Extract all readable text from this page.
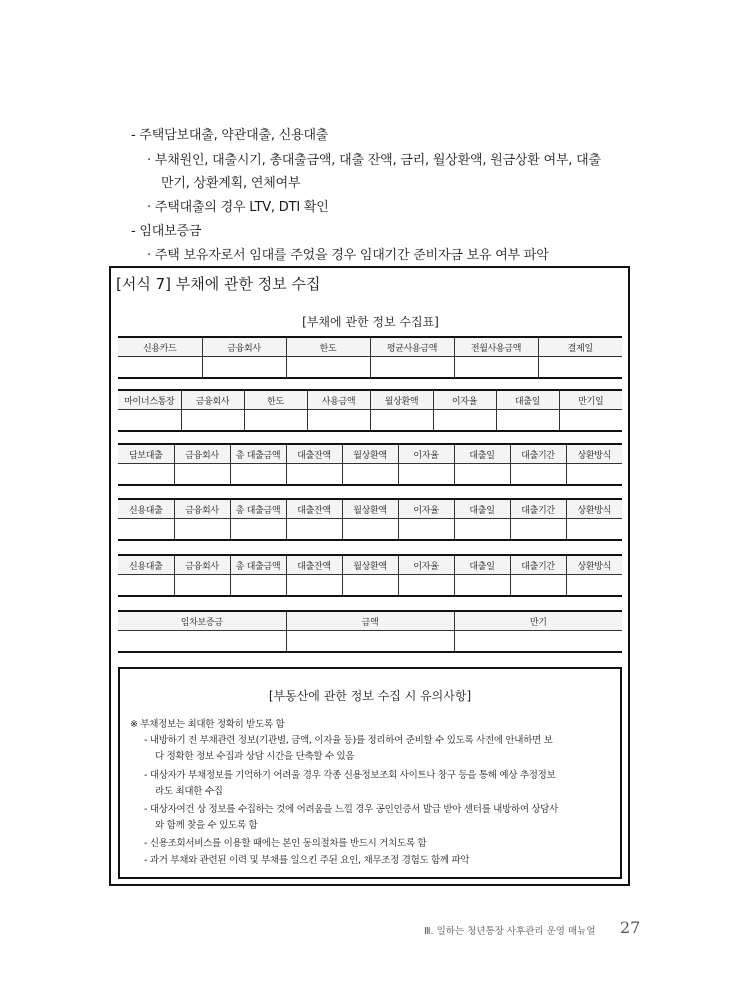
- 주택담보대출, 약관대출, 신용대출
· 부채원인, 대출시기, 총대출금액, 대출 잔액, 금리, 월상환액, 원금상환 여부, 대출
만기, 상환계획, 연체여부
· 주택대출의 경우 LTV, DTI 확인
- 임대보증금
· 주택 보유자로서 임대를 주었을 경우 임대기간 준비자금 보유 여부 파악
[서식 7] 부채에 관한 정보 수집
[부채에 관한 정보 수집표]
신용카드	금융회사	한도	평균사용금액	전월사용금액	결제일

마이너스통장	금융회사	한도	사용금액	월상환액	이자율	대출일	만기일

담보대출	금융회사	총 대출금액	대출잔액	월상환액	이자율	대출일	대출기간	상환방식

신용대출	금융회사	총 대출금액	대출잔액	월상환액	이자율	대출일	대출기간	상환방식

신용대출	금융회사	총 대출금액	대출잔액	월상환액	이자율	대출일	대출기간	상환방식

임차보증금	금액	만기

[부동산에 관한 정보 수집 시 유의사항]
※ 부채정보는 최대한 정확히 받도록 함
- 내방하기 전 부채관련 정보(기관별, 금액, 이자율 등)를 정리하여 준비할 수 있도록 사전에 안내하면 보
다 정확한 정보 수집과 상담 시간을 단축할 수 있음
- 대상자가 부채정보를 기억하기 어려울 경우 각종 신용정보조회 사이트나 창구 등을 통해 예상 추정정보
라도 최대한 수집
- 대상자여건 상 정보를 수집하는 것에 어려움을 느낄 경우 공인인증서 발급 받아 센터를 내방하여 상담사
와 함께 찾을 수 있도록 함
- 신용조회서비스를 이용할 때에는 본인 동의절차를 반드시 거치도록 함
- 과거 부채와 관련된 이력 및 부채를 일으킨 주된 요인, 채무조정 경험도 함께 파악
Ⅲ. 일하는 청년통장 사후관리 운영 매뉴얼 27
